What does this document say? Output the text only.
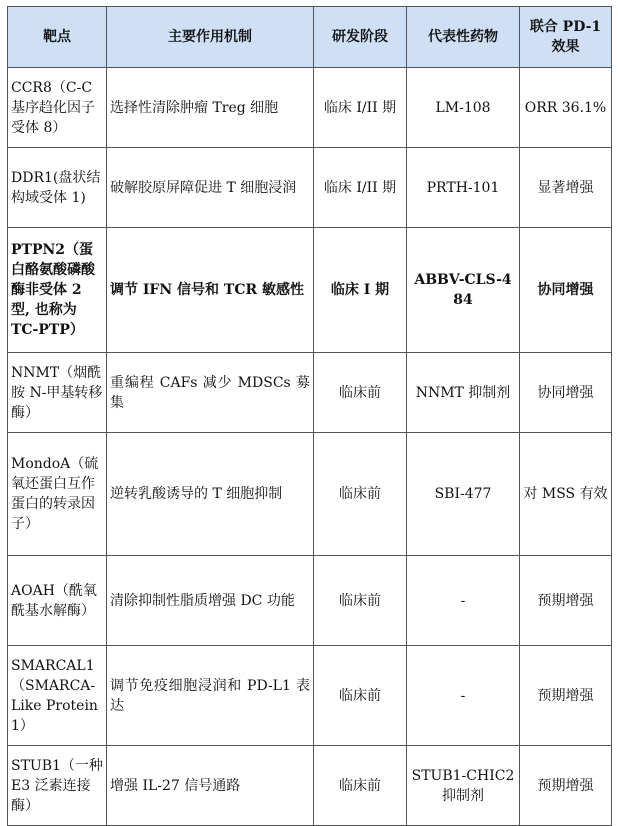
靶点	主要作用机制	研发阶段	代表性药物	联合 PD-1 效果
CCR8（C-C 基序趋化因子受体 8）	选择性清除肿瘤 Treg 细胞	临床 I/II 期	LM-108	ORR 36.1%
DDR1(盘状结构域受体 1)	破解胶原屏障促进 T 细胞浸润	临床 I/II 期	PRTH-101	显著增强
PTPN2（蛋白酪氨酸磷酸酶非受体 2 型, 也称为 TC-PTP）	调节 IFN 信号和 TCR 敏感性	临床 I 期	ABBV-CLS-484	协同增强
NNMT（烟酰胺 N-甲基转移酶）	重编程 CAFs 减少 MDSCs 募集	临床前	NNMT 抑制剂	协同增强
MondoA（硫氧还蛋白互作蛋白的转录因子）	逆转乳酸诱导的 T 细胞抑制	临床前	SBI-477	对 MSS 有效
AOAH（酰氧酰基水解酶）	清除抑制性脂质增强 DC 功能	临床前	-	预期增强
SMARCAL1（SMARCA-Like Protein 1）	调节免疫细胞浸润和 PD-L1 表达	临床前	-	预期增强
STUB1（一种 E3 泛素连接酶）	增强 IL-27 信号通路	临床前	STUB1-CHIC2 抑制剂	预期增强
